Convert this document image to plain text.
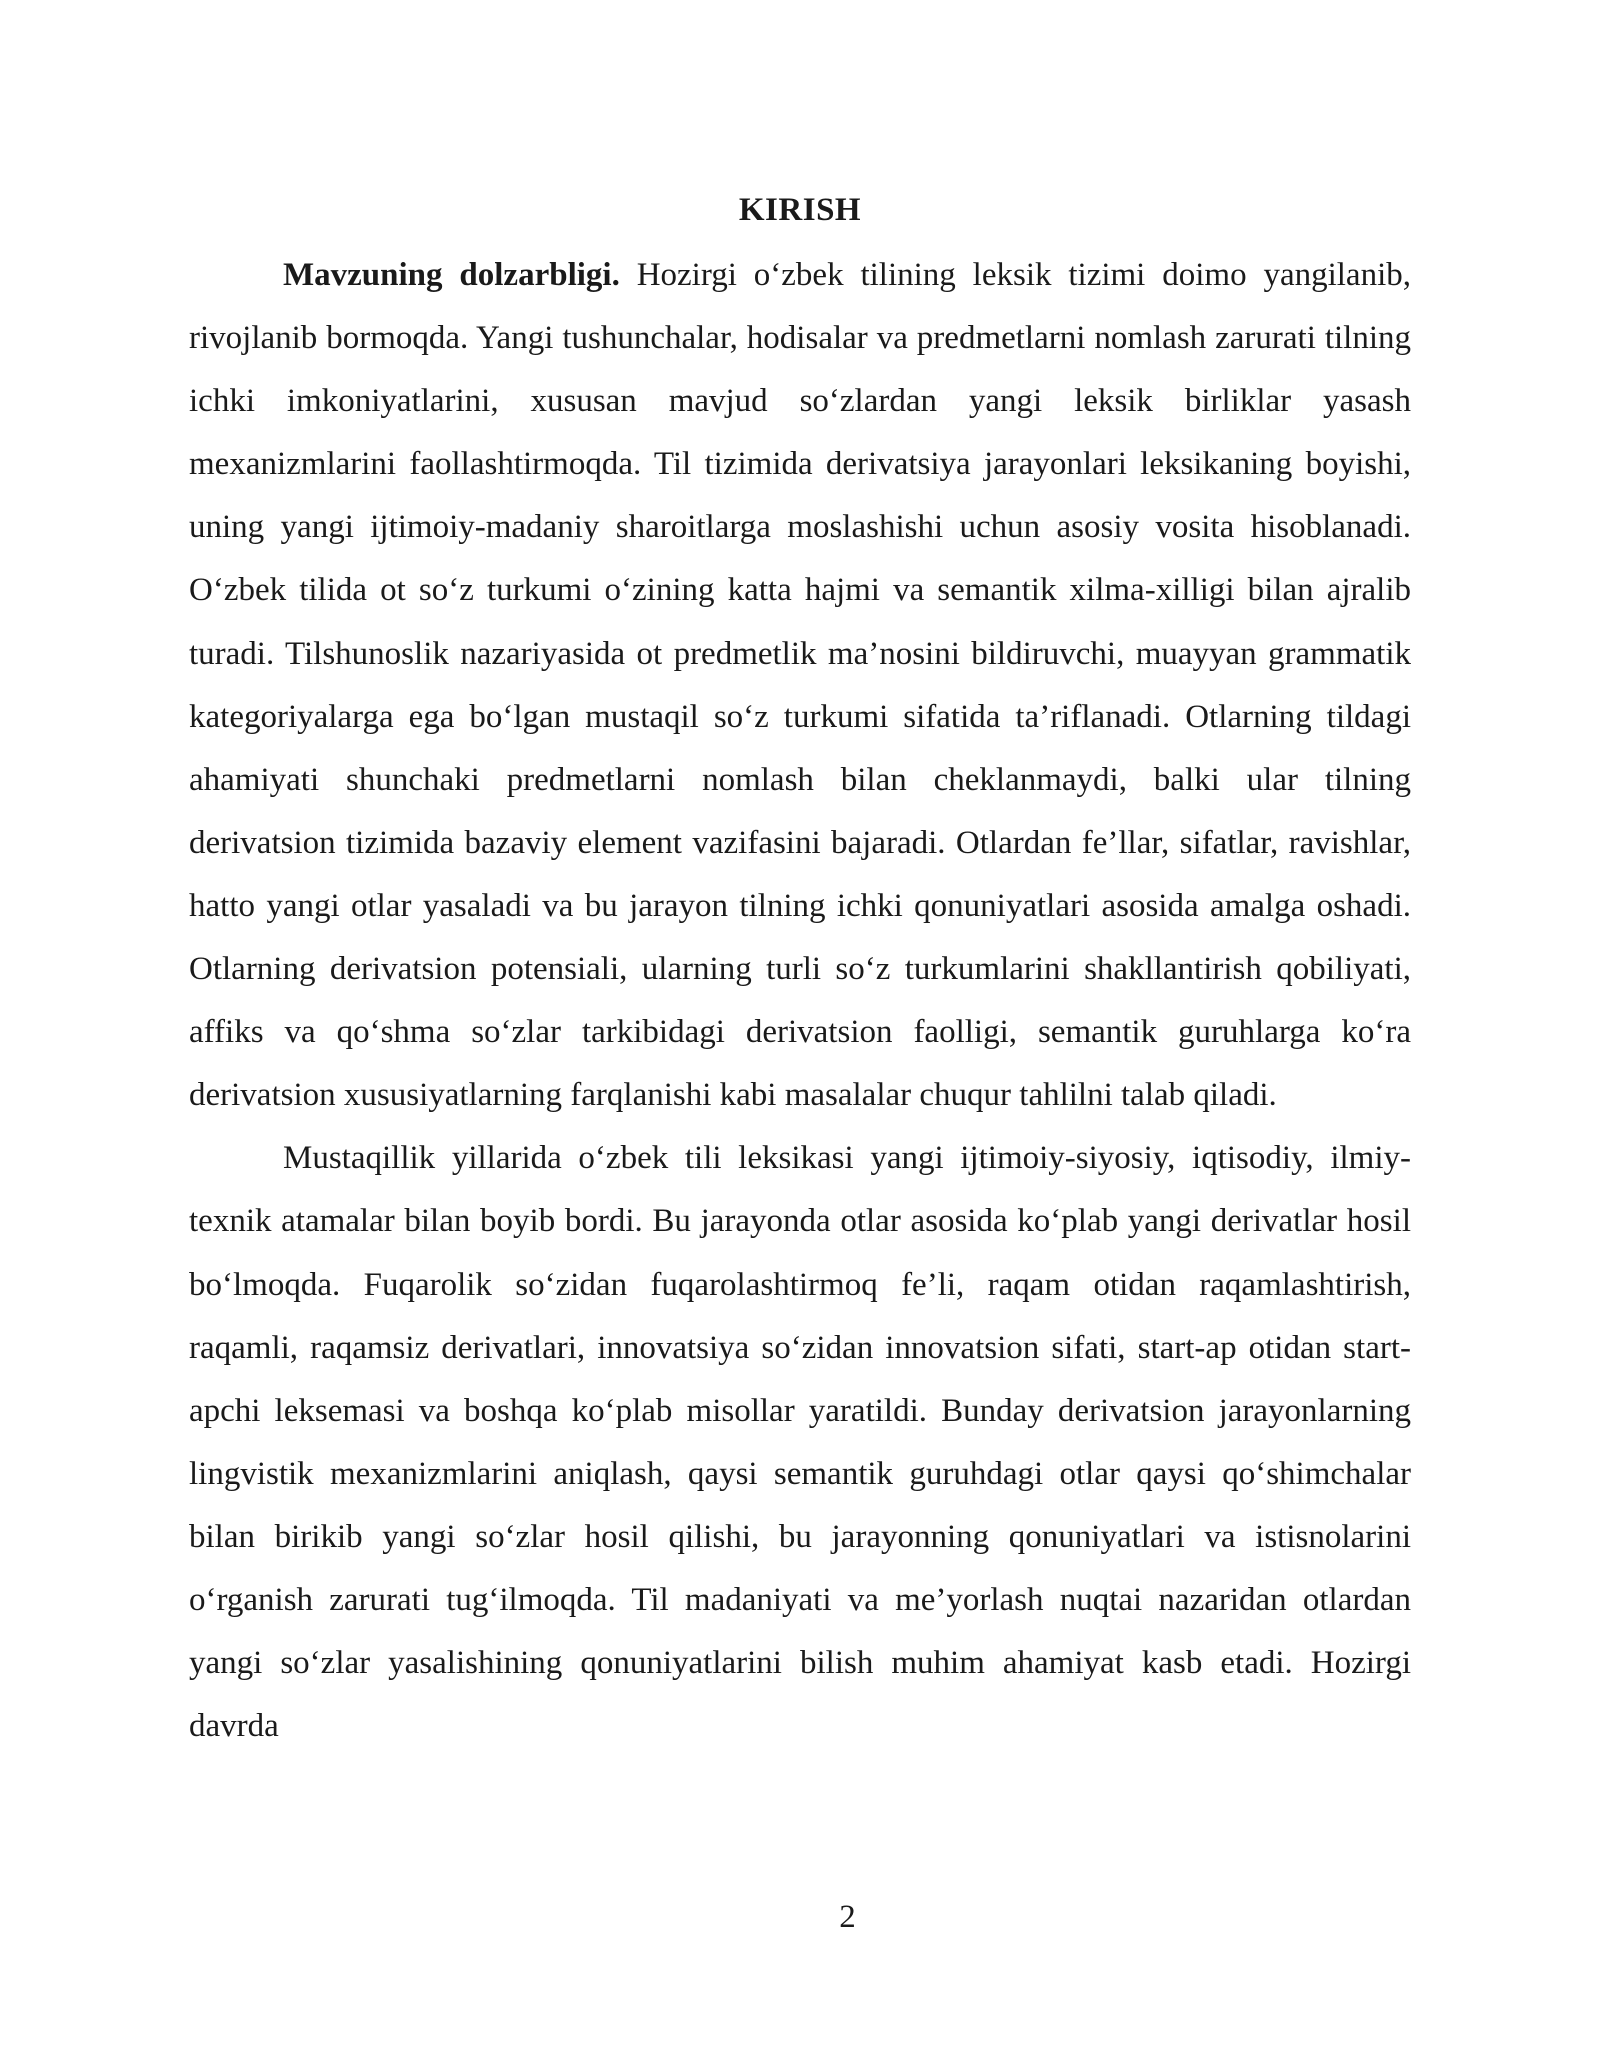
KIRISH

Mavzuning dolzarbligi. Hozirgi o‘zbek tilining leksik tizimi doimo yangilanib, rivojlanib bormoqda. Yangi tushunchalar, hodisalar va predmetlarni nomlash zarurati tilning ichki imkoniyatlarini, xususan mavjud so‘zlardan yangi leksik birliklar yasash mexanizmlarini faollashtirmoqda. Til tizimida derivatsiya jarayonlari leksikaning boyishi, uning yangi ijtimoiy-madaniy sharoitlarga moslashishi uchun asosiy vosita hisoblanadi. O‘zbek tilida ot so‘z turkumi o‘zining katta hajmi va semantik xilma-xilligi bilan ajralib turadi. Tilshunoslik nazariyasida ot predmetlik ma’nosini bildiruvchi, muayyan grammatik kategoriyalarga ega bo‘lgan mustaqil so‘z turkumi sifatida ta’riflanadi. Otlarning tildagi ahamiyati shunchaki predmetlarni nomlash bilan cheklanmaydi, balki ular tilning derivatsion tizimida bazaviy element vazifasini bajaradi. Otlardan fe’llar, sifatlar, ravishlar, hatto yangi otlar yasaladi va bu jarayon tilning ichki qonuniyatlari asosida amalga oshadi. Otlarning derivatsion potensiali, ularning turli so‘z turkumlarini shakllantirish qobiliyati, affiks va qo‘shma so‘zlar tarkibidagi derivatsion faolligi, semantik guruhlarga ko‘ra derivatsion xususiyatlarning farqlanishi kabi masalalar chuqur tahlilni talab qiladi.

Mustaqillik yillarida o‘zbek tili leksikasi yangi ijtimoiy-siyosiy, iqtisodiy, ilmiy-texnik atamalar bilan boyib bordi. Bu jarayonda otlar asosida ko‘plab yangi derivatlar hosil bo‘lmoqda. Fuqarolik so‘zidan fuqarolashtirmoq fe’li, raqam otidan raqamlashtirish, raqamli, raqamsiz derivatlari, innovatsiya so‘zidan innovatsion sifati, start-ap otidan start-apchi leksemasi va boshqa ko‘plab misollar yaratildi. Bunday derivatsion jarayonlarning lingvistik mexanizmlarini aniqlash, qaysi semantik guruhdagi otlar qaysi qo‘shimchalar bilan birikib yangi so‘zlar hosil qilishi, bu jarayonning qonuniyatlari va istisnolarini o‘rganish zarurati tug‘ilmoqda. Til madaniyati va me’yorlash nuqtai nazaridan otlardan yangi so‘zlar yasalishining qonuniyatlarini bilish muhim ahamiyat kasb etadi. Hozirgi davrda

2
